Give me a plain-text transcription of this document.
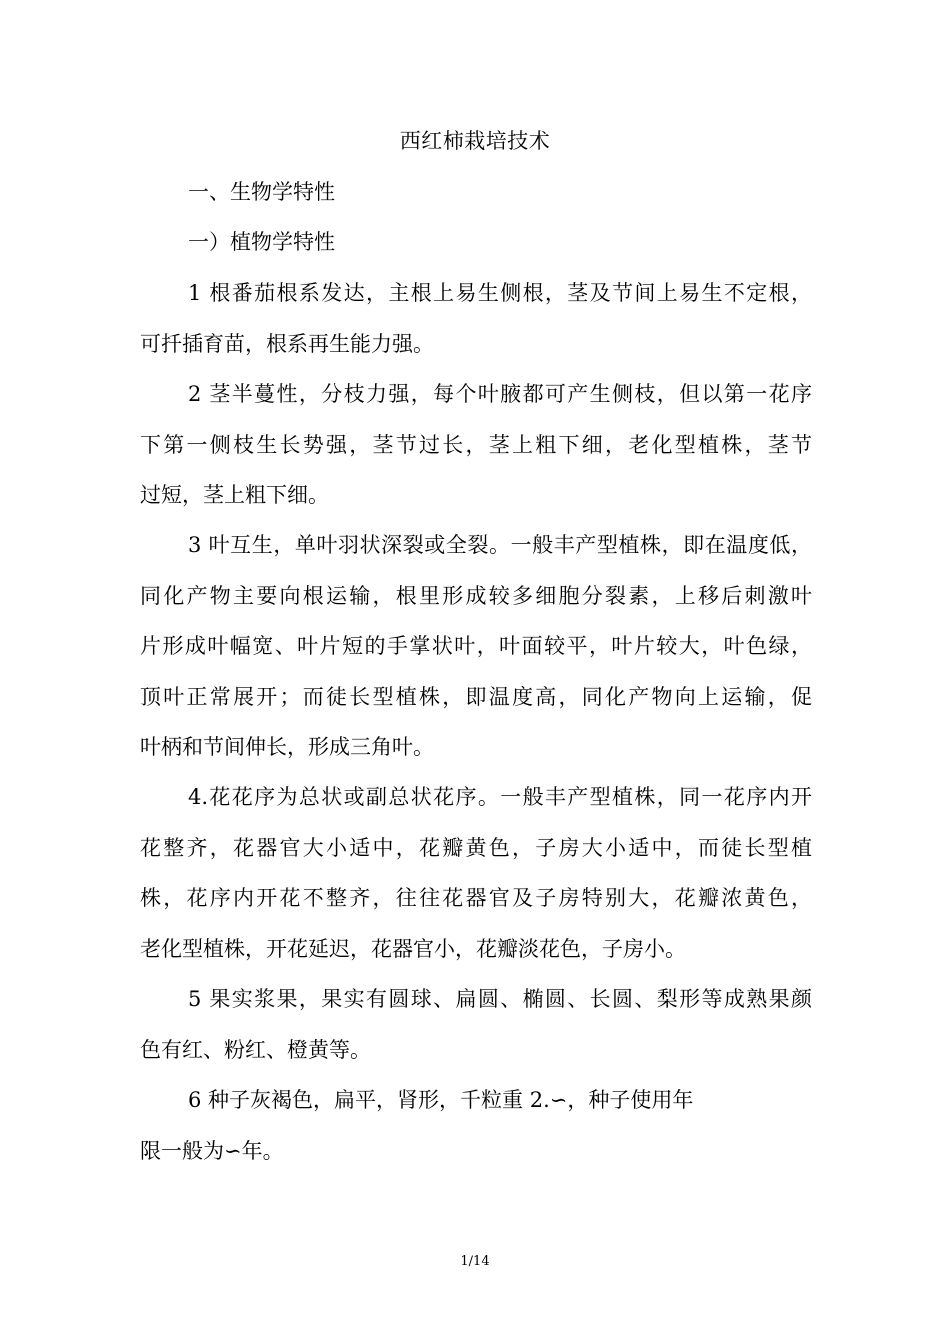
西红柿栽培技术
一、生物学特性
一）植物学特性
1 根番茄根系发达，主根上易生侧根，茎及节间上易生不定根，
可扦插育苗，根系再生能力强。
2 茎半蔓性，分枝力强，每个叶腋都可产生侧枝，但以第一花序
下第一侧枝生长势强，茎节过长，茎上粗下细，老化型植株，茎节
过短，茎上粗下细。
3 叶互生，单叶羽状深裂或全裂。一般丰产型植株，即在温度低，
同化产物主要向根运输，根里形成较多细胞分裂素，上移后刺激叶
片形成叶幅宽、叶片短的手掌状叶，叶面较平，叶片较大，叶色绿，
顶叶正常展开；而徒长型植株，即温度高，同化产物向上运输，促
叶柄和节间伸长，形成三角叶。
4.花花序为总状或副总状花序。一般丰产型植株，同一花序内开
花整齐，花器官大小适中，花瓣黄色，子房大小适中，而徒长型植
株，花序内开花不整齐，往往花器官及子房特别大，花瓣浓黄色，
老化型植株，开花延迟，花器官小，花瓣淡花色，子房小。
5 果实浆果，果实有圆球、扁圆、椭圆、长圆、梨形等成熟果颜
色有红、粉红、橙黄等。
6 种子灰褐色，扁平，肾形，千粒重 2.∽，种子使用年
限一般为∽年。
1/14
